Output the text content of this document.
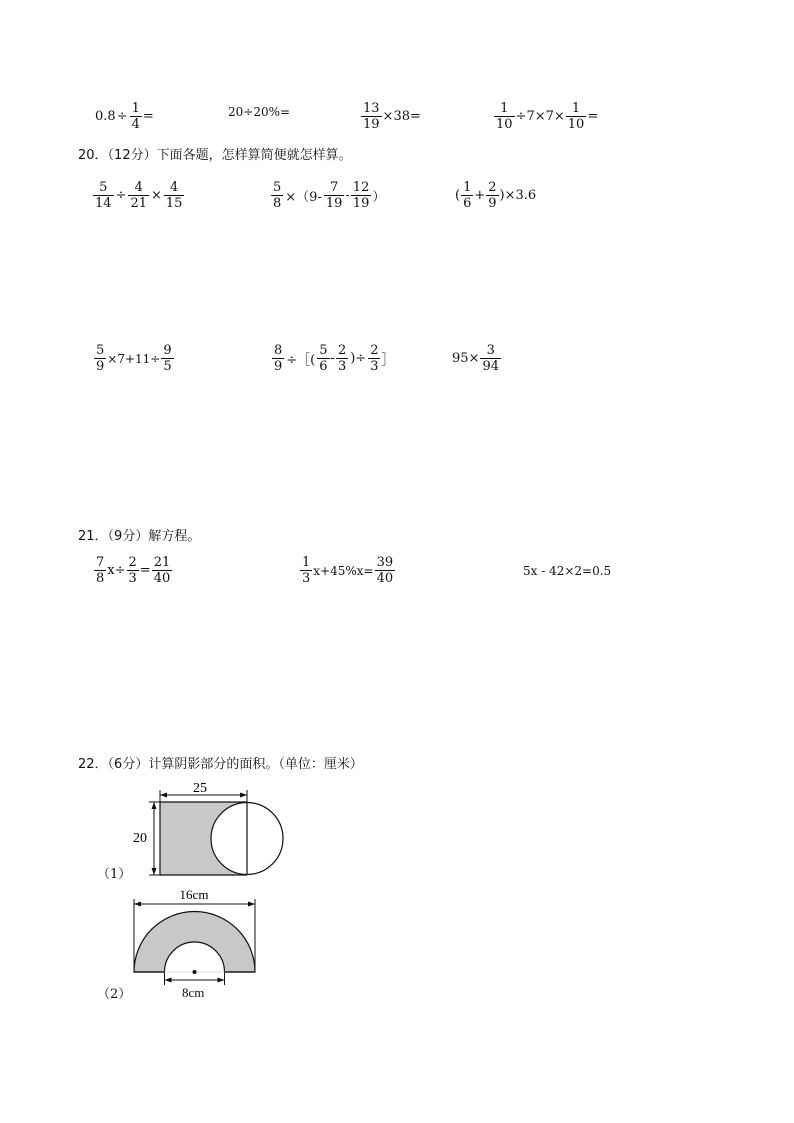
$0.8 \div \frac{1}{4}$ =	20÷20%=	$\frac{13}{19} \times 38=$	$\frac{1}{10} \div 7\times 7\times \frac{1}{10}$ =
20．（12分）下面各题，怎样算简便就怎样算。
$\frac{5}{14} \div \frac{4}{21} \times \frac{4}{15}$	$\frac{5}{8} \times(9- \frac{7}{19} - \frac{12}{19}$ ）	( $\frac{1}{6} + \frac{2}{9} )\times 3.6$
$\frac{5}{9} \times 7+11\div \frac{9}{5}$	$\frac{8}{9}$ ÷［( $\frac{5}{6} - \frac{2}{3}$ )÷ $\frac{2}{3}$ ］	$95\times \frac{3}{94}$
21．（9分）解方程。
$\frac{7}{8} x\div \frac{2}{3} = \frac{21}{40}$	$\frac{1}{3} x+45\%x= \frac{39}{40}$	5x - 42×2=0.5
22．（6分）计算阴影部分的面积。（单位：厘米）
25
20
（1）
16cm
8cm
（2）
